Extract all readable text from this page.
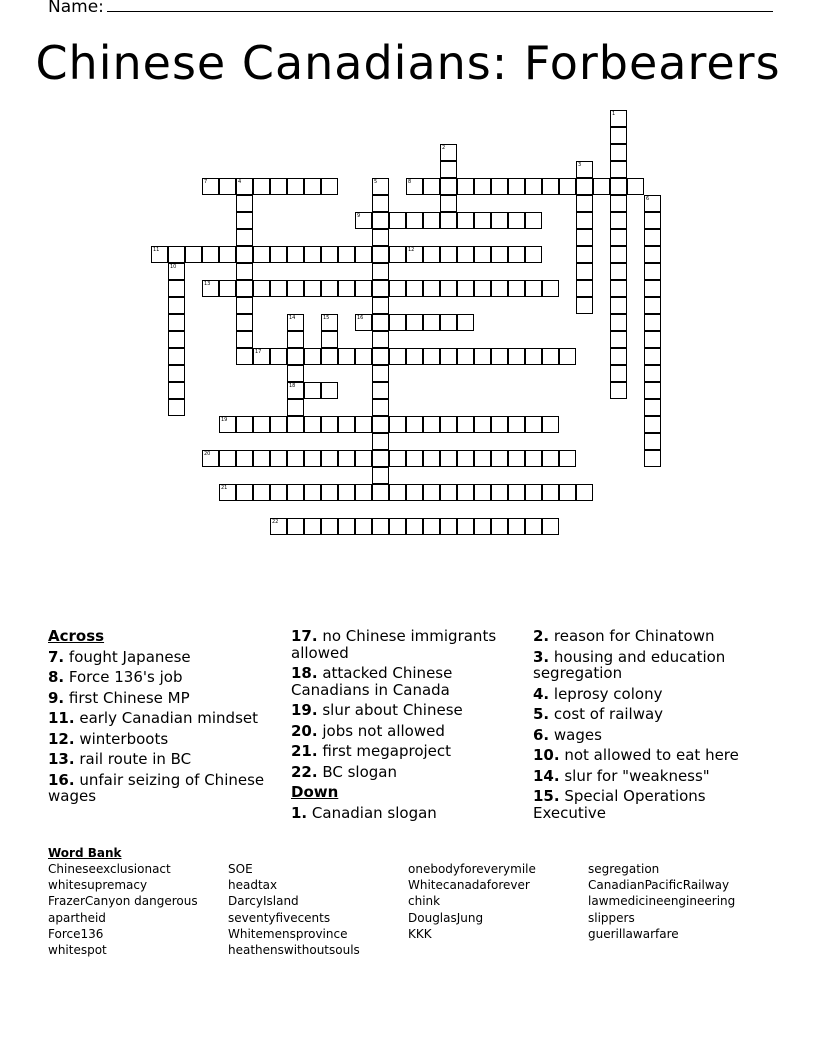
Name:
Chinese Canadians: Forbearers
7	4	8
9
11	12
13
16
17
18
19
20
21
22
1
2
3
5
6
10
14	15
Across
7. fought Japanese
8. Force 136's job
9. first Chinese MP
11. early Canadian mindset
12. winterboots
13. rail route in BC
16. unfair seizing of Chinese wages
17. no Chinese immigrants allowed
18. attacked Chinese Canadians in Canada
19. slur about Chinese
20. jobs not allowed
21. first megaproject
22. BC slogan
Down
1. Canadian slogan
2. reason for Chinatown
3. housing and education segregation
4. leprosy colony
5. cost of railway
6. wages
10. not allowed to eat here
14. slur for "weakness"
15. Special Operations Executive
Word Bank
Chineseexclusionact
whitesupremacy
FrazerCanyon dangerous
apartheid
Force136
whitespot
SOE
headtax
DarcyIsland
seventyfivecents
Whitemensprovince
heathenswithoutsouls
onebodyforeverymile
Whitecanadaforever
chink
DouglasJung
KKK
segregation
CanadianPacificRailway
lawmedicineengineering
slippers
guerillawarfare
